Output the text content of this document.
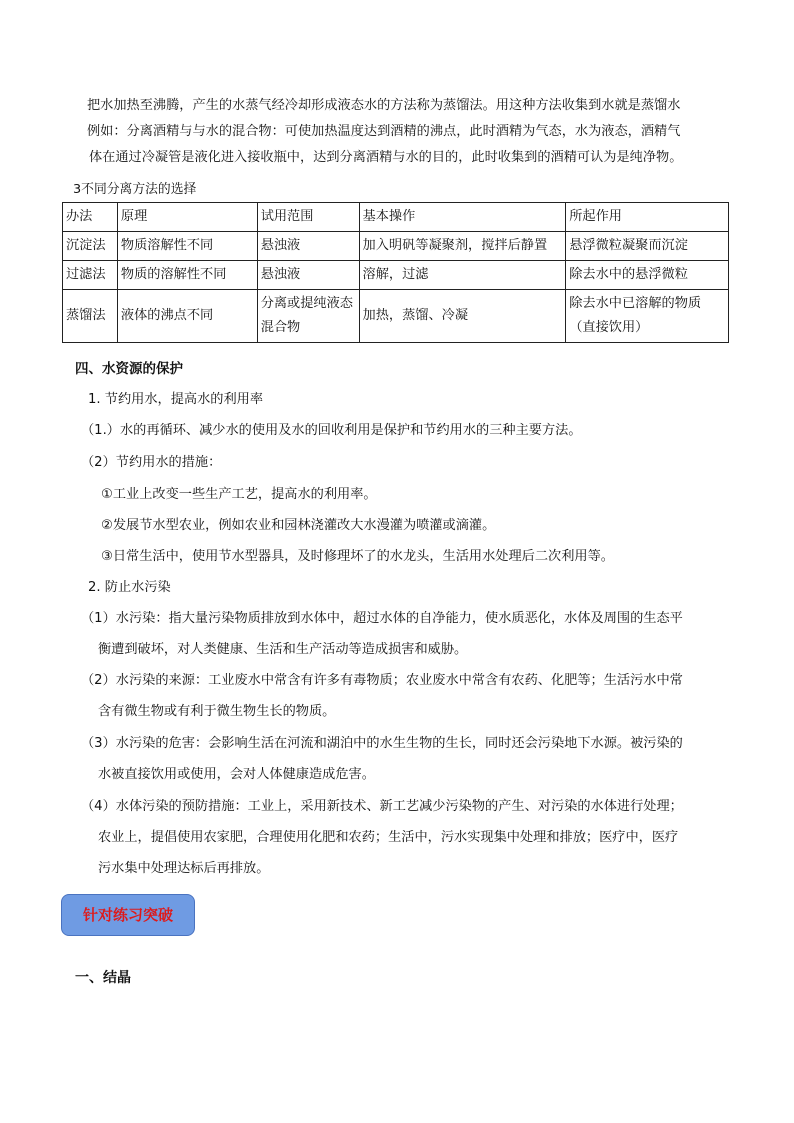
把水加热至沸腾，产生的水蒸气经冷却形成液态水的方法称为蒸馏法。用这种方法收集到水就是蒸馏水
例如：分离酒精与与水的混合物：可使加热温度达到酒精的沸点，此时酒精为气态，水为液态，酒精气
体在通过冷凝管是液化进入接收瓶中，达到分离酒精与水的目的，此时收集到的酒精可认为是纯净物。
3不同分离方法的选择
办法	原理	试用范围	基本操作	所起作用
沉淀法	物质溶解性不同	悬浊液	加入明矾等凝聚剂，搅拌后静置	悬浮微粒凝聚而沉淀
过滤法	物质的溶解性不同	悬浊液	溶解，过滤	除去水中的悬浮微粒
蒸馏法	液体的沸点不同	分离或提纯液态混合物	加热，蒸馏、冷凝	除去水中已溶解的物质（直接饮用）
四、水资源的保护
1. 节约用水，提高水的利用率
（1.）水的再循环、减少水的使用及水的回收利用是保护和节约用水的三种主要方法。
（2）节约用水的措施：
①工业上改变一些生产工艺，提高水的利用率。
②发展节水型农业，例如农业和园林浇灌改大水漫灌为喷灌或滴灌。
③日常生活中，使用节水型器具，及时修理坏了的水龙头，生活用水处理后二次利用等。
2. 防止水污染
（1）水污染：指大量污染物质排放到水体中，超过水体的自净能力，使水质恶化，水体及周围的生态平
衡遭到破坏，对人类健康、生活和生产活动等造成损害和威胁。
（2）水污染的来源：工业废水中常含有许多有毒物质；农业废水中常含有农药、化肥等；生活污水中常
含有微生物或有利于微生物生长的物质。
（3）水污染的危害：会影响生活在河流和湖泊中的水生生物的生长，同时还会污染地下水源。被污染的
水被直接饮用或使用，会对人体健康造成危害。
（4）水体污染的预防措施：工业上，采用新技术、新工艺减少污染物的产生、对污染的水体进行处理；
农业上，提倡使用农家肥，合理使用化肥和农药；生活中，污水实现集中处理和排放；医疗中，医疗
污水集中处理达标后再排放。
针对练习突破
一、结晶
